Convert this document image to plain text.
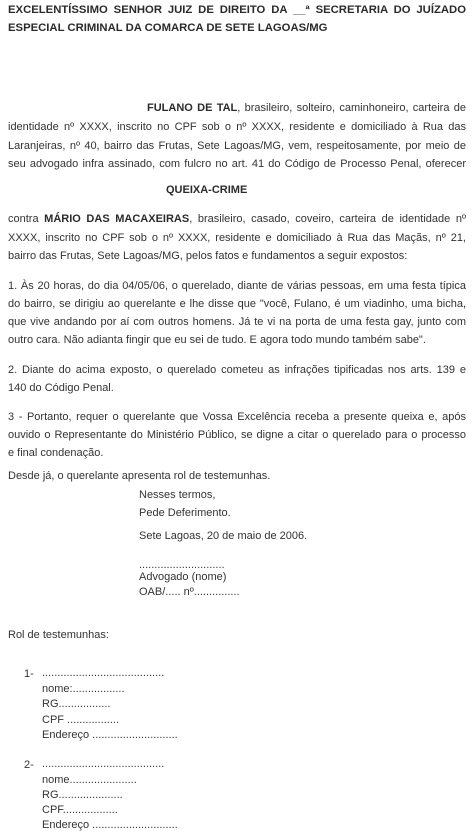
EXCELENTÍSSIMO SENHOR JUIZ DE DIREITO DA __ª SECRETARIA DO JUÍZADO
ESPECIAL CRIMINAL DA COMARCA DE SETE LAGOAS/MG
FULANO DE TAL, brasileiro, solteiro, caminhoneiro, carteira de
identidade nº XXXX, inscrito no CPF sob o nº XXXX, residente e domiciliado à Rua das
Laranjeiras, nº 40, bairro das Frutas, Sete Lagoas/MG, vem, respeitosamente, por meio de
seu advogado infra assinado, com fulcro no art. 41 do Código de Processo Penal, oferecer
QUEIXA-CRIME
contra MÁRIO DAS MACAXEIRAS, brasileiro, casado, coveiro, carteira de identidade nº
XXXX, inscrito no CPF sob o nº XXXX, residente e domiciliado à Rua das Maçãs, nº 21,
bairro das Frutas, Sete Lagoas/MG, pelos fatos e fundamentos a seguir expostos:
1. Às 20 horas, do dia 04/05/06, o querelado, diante de várias pessoas, em uma festa típica
do bairro, se dirigiu ao querelante e lhe disse que "você, Fulano, é um viadinho, uma bicha,
que vive andando por aí com outros homens. Já te vi na porta de uma festa gay, junto com
outro cara. Não adianta fingir que eu sei de tudo. E agora todo mundo também sabe".
2. Diante do acima exposto, o querelado cometeu as infrações tipificadas nos arts. 139 e
140 do Código Penal.
3 - Portanto, requer o querelante que Vossa Excelência receba a presente queixa e, após
ouvido o Representante do Ministério Público, se digne a citar o querelado para o processo
e final condenação.
Desde já, o querelante apresenta rol de testemunhas.
Nesses termos,
Pede Deferimento.
Sete Lagoas, 20 de maio de 2006.
............................
Advogado (nome)
OAB/..... nº...............
Rol de testemunhas:
1- ........................................
nome:.................
RG.................
CPF .................
Endereço ............................
2- ........................................
nome......................
RG.....................
CPF..................
Endereço ............................
